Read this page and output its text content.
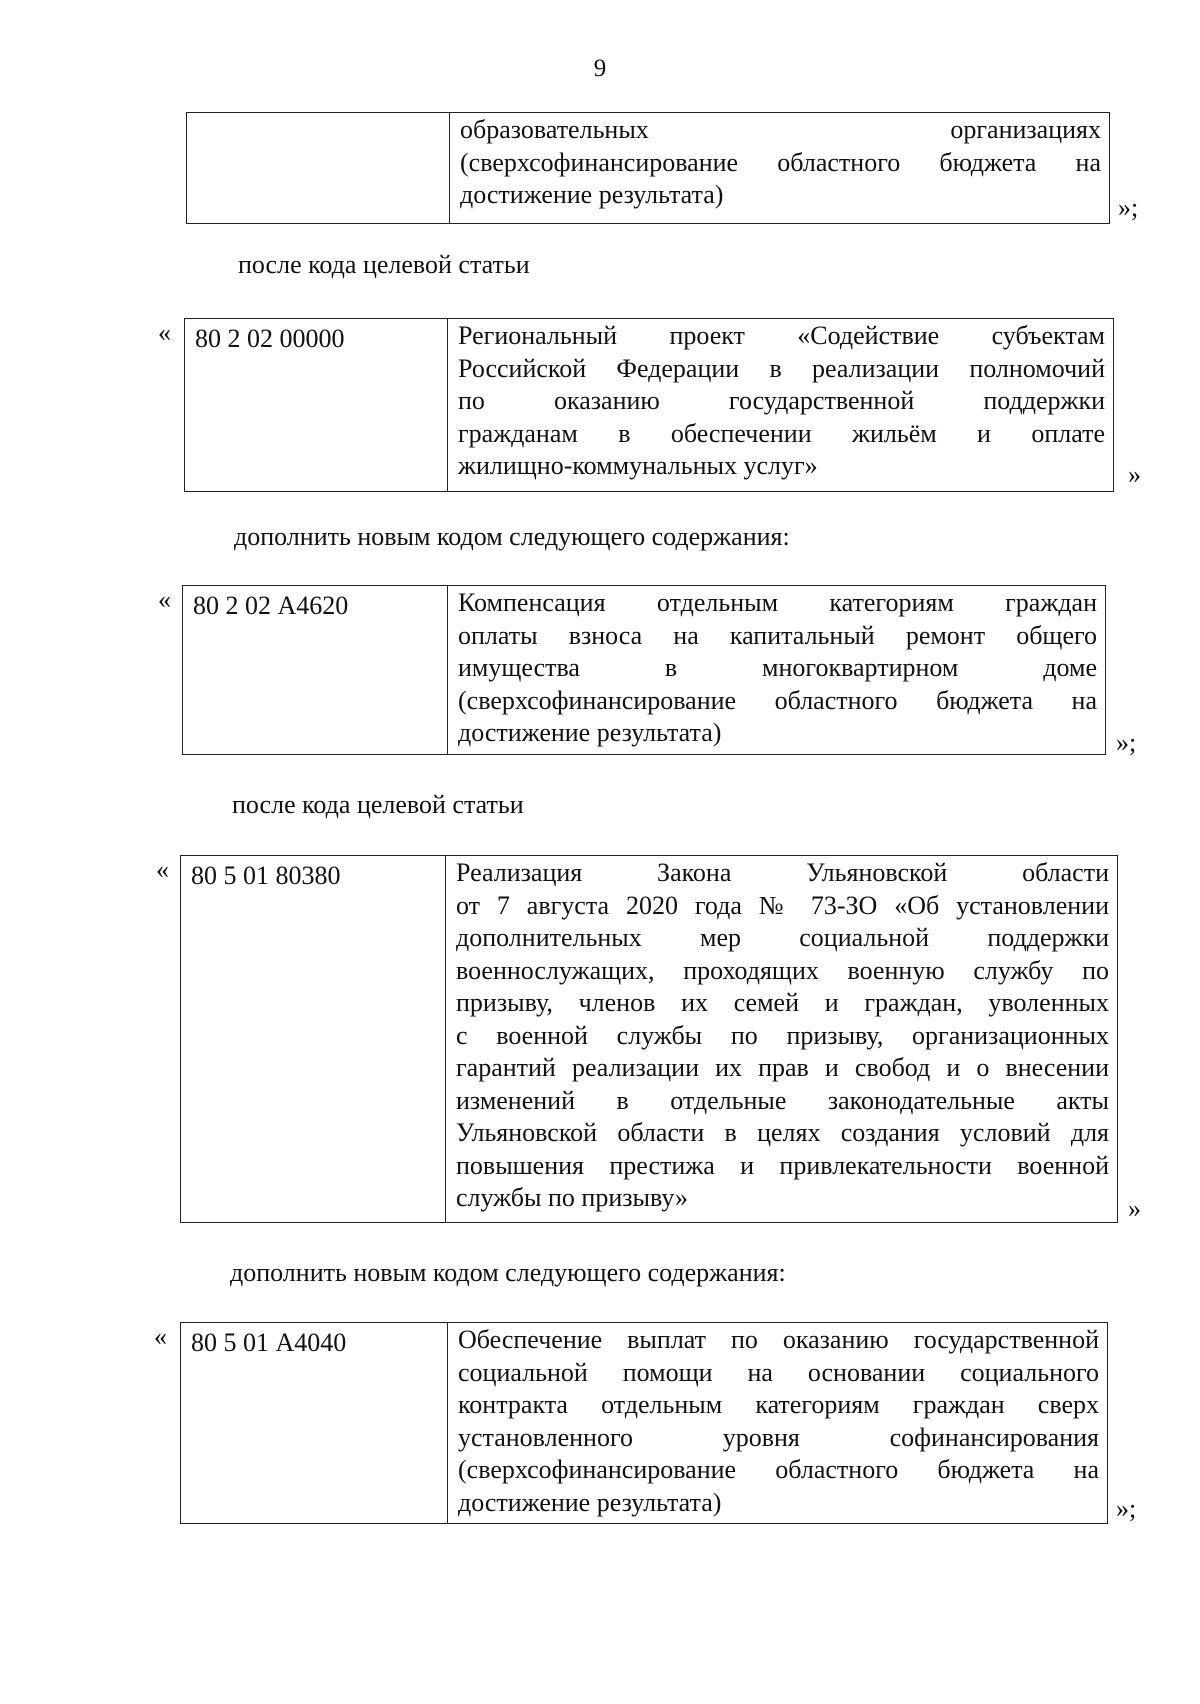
9

образовательных организациях
(сверхсофинансирование областного бюджета на
достижение результата)	»;
после кода целевой статьи
« 80 2 02 00000	Региональный проект «Содействие субъектам
Российской Федерации в реализации полномочий
по оказанию государственной поддержки
гражданам в обеспечении жильём и оплате
жилищно-коммунальных услуг»	»
дополнить новым кодом следующего содержания:
« 80 2 02 А4620	Компенсация отдельным категориям граждан
оплаты взноса на капитальный ремонт общего
имущества в многоквартирном доме
(сверхсофинансирование областного бюджета на
достижение результата)	»;
после кода целевой статьи
« 80 5 01 80380	Реализация Закона Ульяновской области
от 7 августа 2020 года № 73-ЗО «Об установлении
дополнительных мер социальной поддержки
военнослужащих, проходящих военную службу по
призыву, членов их семей и граждан, уволенных
с военной службы по призыву, организационных
гарантий реализации их прав и свобод и о внесении
изменений в отдельные законодательные акты
Ульяновской области в целях создания условий для
повышения престижа и привлекательности военной
службы по призыву»	»
дополнить новым кодом следующего содержания:
« 80 5 01 А4040	Обеспечение выплат по оказанию государственной
социальной помощи на основании социального
контракта отдельным категориям граждан сверх
установленного уровня софинансирования
(сверхсофинансирование областного бюджета на
достижение результата)	»;
